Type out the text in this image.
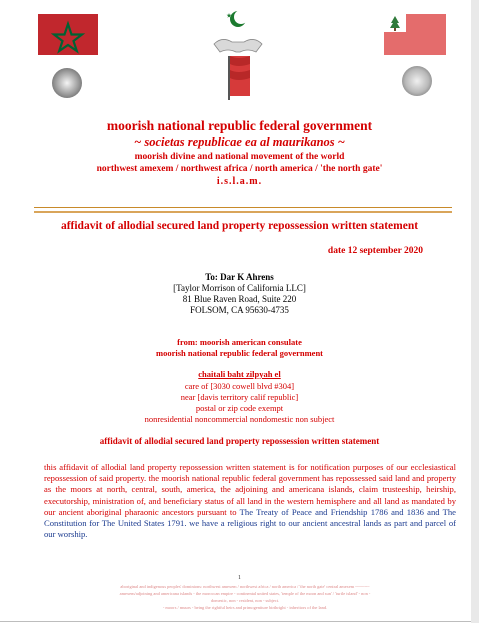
moorish national republic federal government
~ societas republicae ea al maurikanos ~
moorish divine and national movement of the world
northwest amexem / northwest africa / north america / 'the north gate'
i.s.l.a.m.
affidavit of allodial secured land property repossession written statement
date 12 september 2020
To: Dar K Ahrens
[Taylor Morrison of California LLC]
81 Blue Raven Road, Suite 220
FOLSOM, CA 95630-4735
from: moorish american consulate
moorish national republic federal government
chaitali baht zilpyah el
care of [3030 cowell blvd #304]
near [davis territory calif republic]
postal or zip code exempt
nonresidential noncommercial nondomestic non subject
affidavit of allodial secured land property repossession written statement
this affidavit of allodial land property repossession written statement is for notification purposes of our ecclesiastical repossession of said property. the moorish national republic federal government has repossessed said land and property as the moors at north, central, south, america, the adjoining and americana islands, claim trusteeship, heirship, executorship, ministration of, and beneficiary status of all land in the western hemisphere and all land as mandated by our ancient aboriginal pharaonic ancestors pursuant to The Treaty of Peace and Friendship 1786 and 1836 and The Constitution for The United States 1791. we have a religious right to our ancient ancestral lands as part and parcel of our worship.
1
aboriginal and indigenous peoples' dominions: northwest amexem / northwest africa / north america / 'the north gate' central amexem ~~~~~~
amexem/adjoining and americana islands - the moroccan empire - continental united states, 'temple of the moon and sun' / 'turtle island' - non -
domestic, non - resident, non - subject.
- moors / muurs - being the rightful heirs and primogeniture birthright - inheritors of the land.
